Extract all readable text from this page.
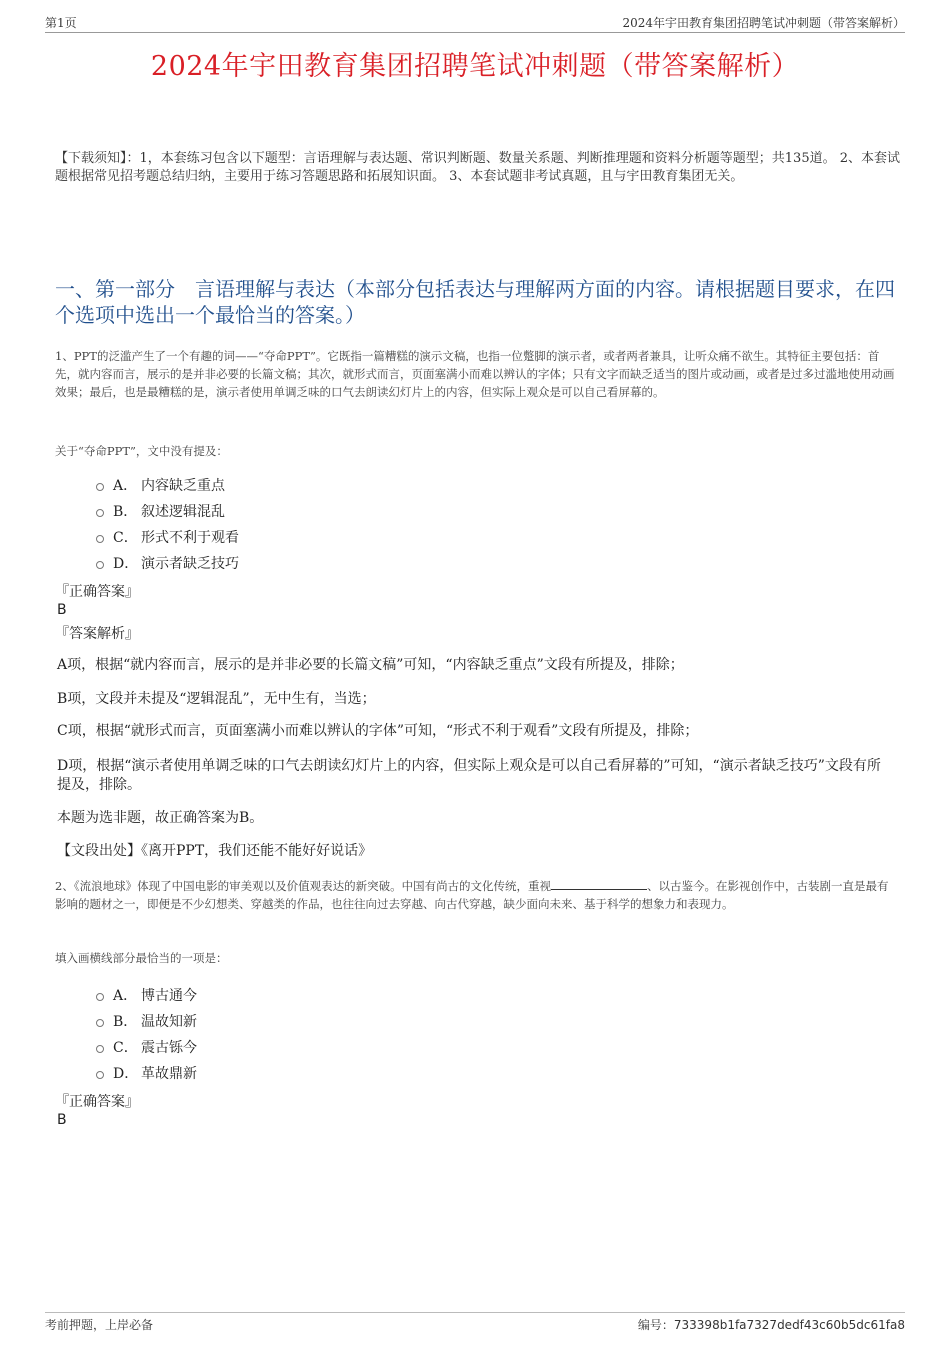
第1页	2024年宇田教育集团招聘笔试冲刺题（带答案解析）
2024年宇田教育集团招聘笔试冲刺题（带答案解析）
【下载须知】：1，本套练习包含以下题型：言语理解与表达题、常识判断题、数量关系题、判断推理题和资料分析题等题型；共135道。 2、本套试题根据常见招考题总结归纳，主要用于练习答题思路和拓展知识面。 3、本套试题非考试真题，且与宇田教育集团无关。
一、第一部分　言语理解与表达（本部分包括表达与理解两方面的内容。请根据题目要求，在四个选项中选出一个最恰当的答案。）
1、PPT的泛滥产生了一个有趣的词——“夺命PPT”。它既指一篇糟糕的演示文稿，也指一位蹩脚的演示者，或者两者兼具，让听众痛不欲生。其特征主要包括：首先，就内容而言，展示的是并非必要的长篇文稿；其次，就形式而言，页面塞满小而难以辨认的字体；只有文字而缺乏适当的图片或动画，或者是过多过滥地使用动画效果；最后，也是最糟糕的是，演示者使用单调乏味的口气去朗读幻灯片上的内容，但实际上观众是可以自己看屏幕的。
关于“夺命PPT”，文中没有提及：
A． 内容缺乏重点
B． 叙述逻辑混乱
C． 形式不利于观看
D． 演示者缺乏技巧
『正确答案』
B
『答案解析』
A项，根据“就内容而言，展示的是并非必要的长篇文稿”可知，“内容缺乏重点”文段有所提及，排除；
B项，文段并未提及“逻辑混乱”，无中生有，当选；
C项，根据“就形式而言，页面塞满小而难以辨认的字体”可知，“形式不利于观看”文段有所提及，排除；
D项，根据“演示者使用单调乏味的口气去朗读幻灯片上的内容，但实际上观众是可以自己看屏幕的”可知，“演示者缺乏技巧”文段有所提及，排除。
本题为选非题，故正确答案为B。
【文段出处】《离开PPT，我们还能不能好好说话》
2、《流浪地球》体现了中国电影的审美观以及价值观表达的新突破。中国有尚古的文化传统，重视	、以古鉴今。在影视创作中，古装剧一直是最有影响的题材之一，即便是不少幻想类、穿越类的作品，也往往向过去穿越、向古代穿越，缺少面向未来、基于科学的想象力和表现力。
填入画横线部分最恰当的一项是：
A． 博古通今
B． 温故知新
C． 震古铄今
D． 革故鼎新
『正确答案』
B
考前押题，上岸必备	编号：733398b1fa7327dedf43c60b5dc61fa8
